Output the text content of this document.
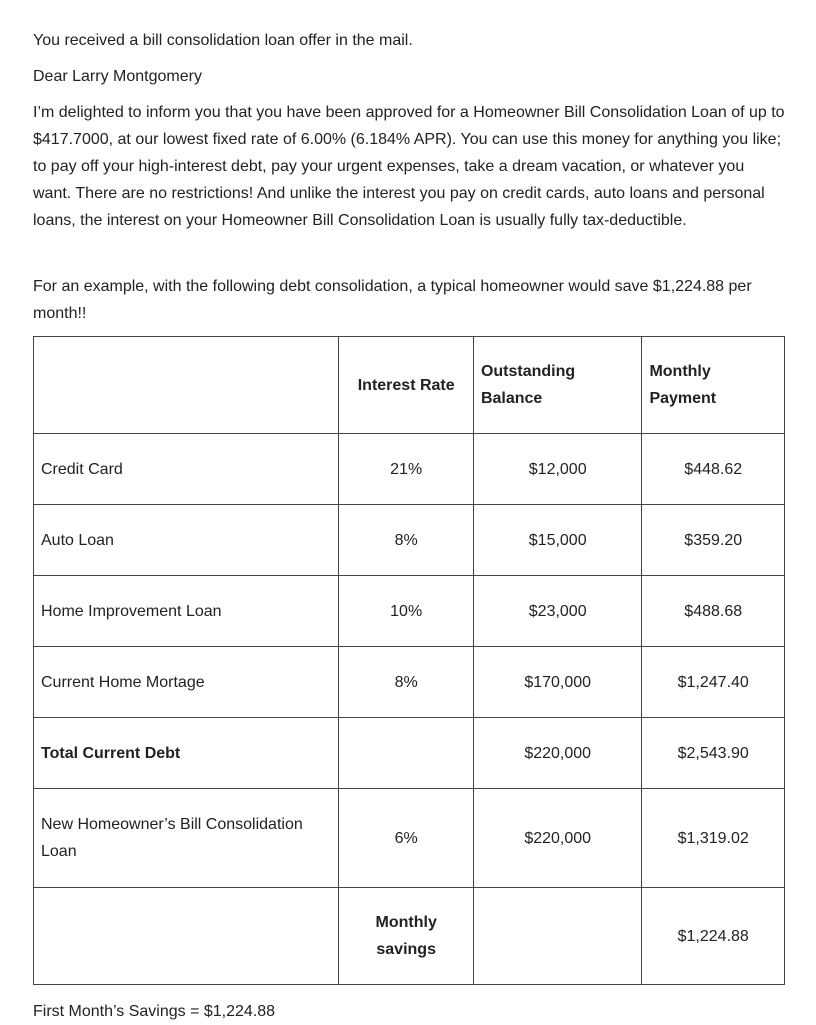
You received a bill consolidation loan offer in the mail.

Dear Larry Montgomery

I’m delighted to inform you that you have been approved for a Homeowner Bill Consolidation Loan of up to $417.7000, at our lowest fixed rate of 6.00% (6.184% APR). You can use this money for anything you like; to pay off your high-interest debt, pay your urgent expenses, take a dream vacation, or whatever you want. There are no restrictions! And unlike the interest you pay on credit cards, auto loans and personal loans, the interest on your Homeowner Bill Consolidation Loan is usually fully tax-deductible.

For an example, with the following debt consolidation, a typical homeowner would save $1,224.88 per month!!

	Interest Rate	Outstanding Balance	Monthly Payment
Credit Card	21%	$12,000	$448.62
Auto Loan	8%	$15,000	$359.20
Home Improvement Loan	10%	$23,000	$488.68
Current Home Mortage	8%	$170,000	$1,247.40
Total Current Debt		$220,000	$2,543.90
New Homeowner’s Bill Consolidation Loan	6%	$220,000	$1,319.02
	Monthly savings		$1,224.88

First Month’s Savings = $1,224.88
